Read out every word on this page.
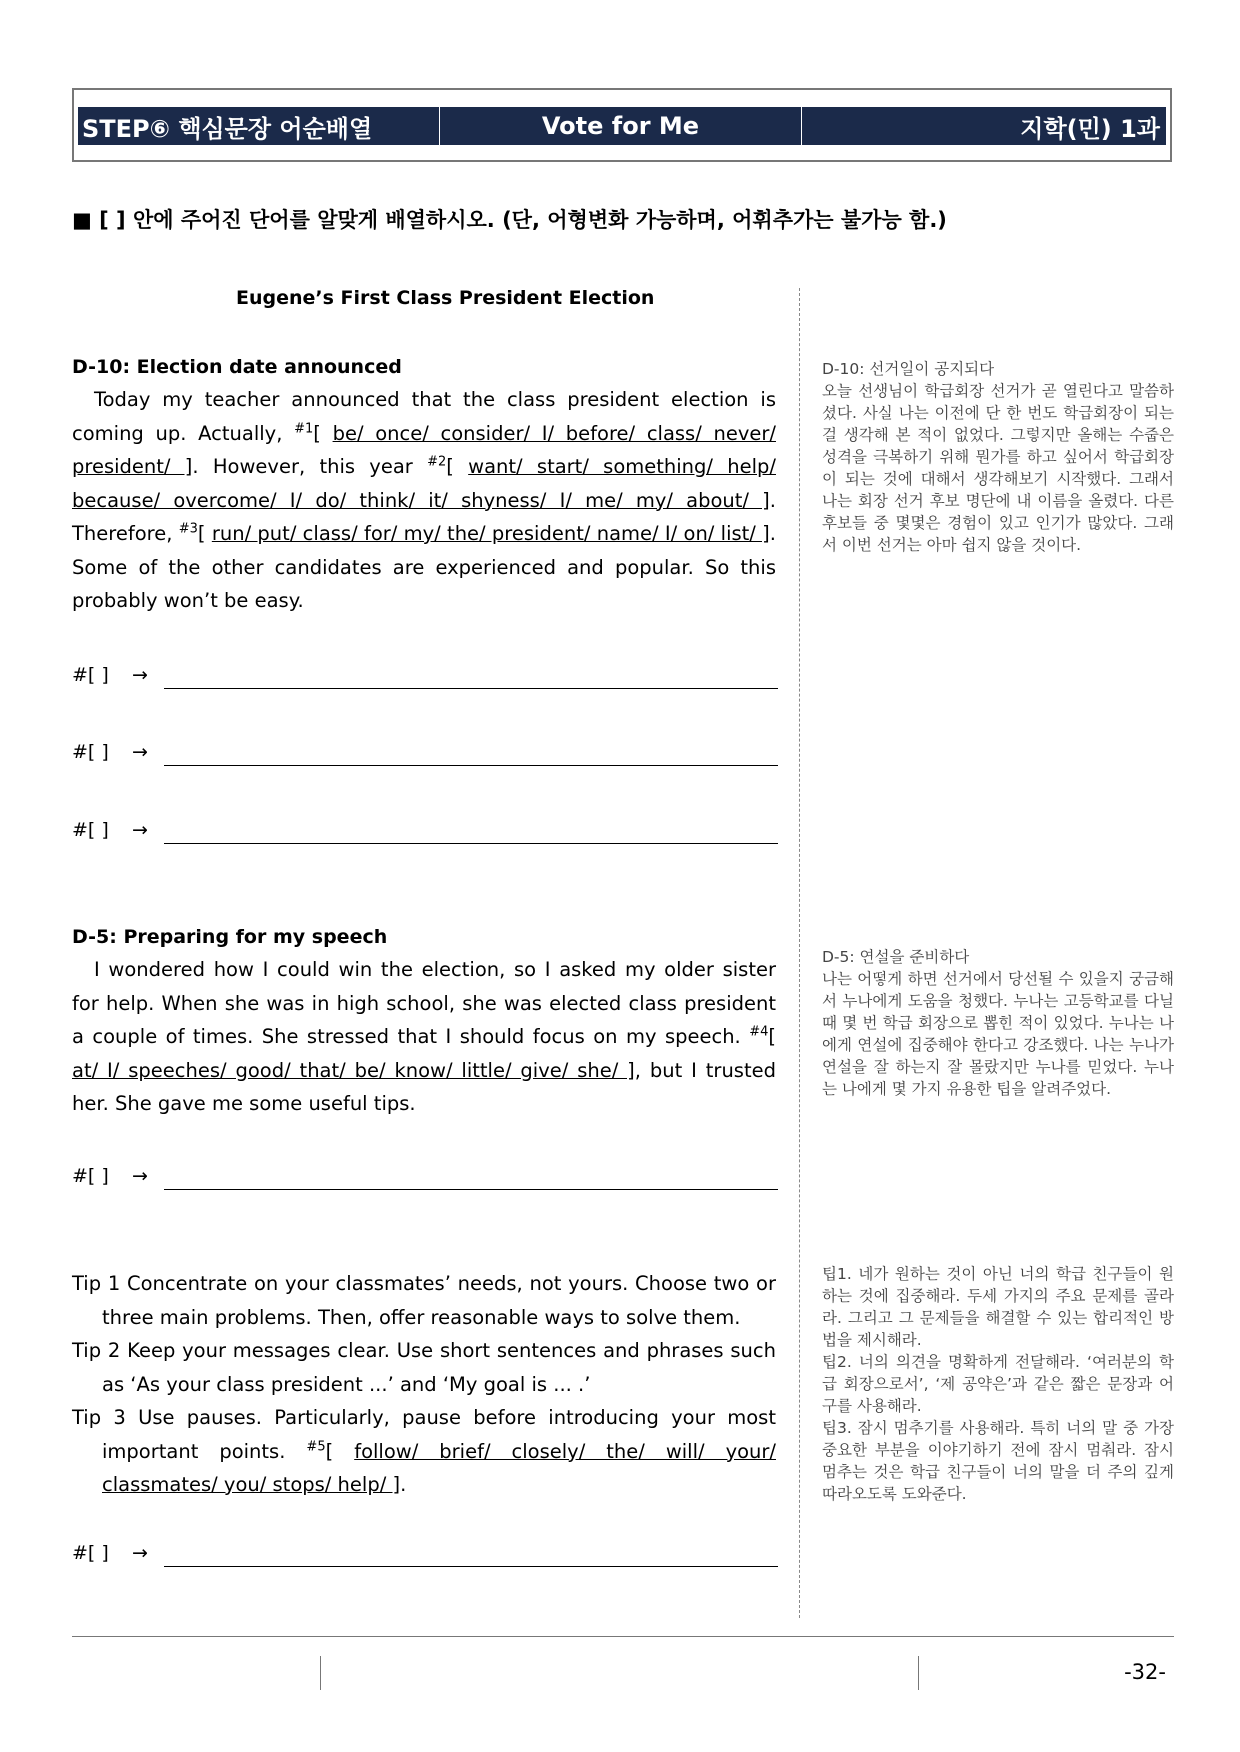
STEP⑥ 핵심문장 어순배열	Vote for Me	지학(민) 1과
■ [ ] 안에 주어진 단어를 알맞게 배열하시오. (단, 어형변화 가능하며, 어휘추가는 불가능 함.)
Eugene’s First Class President Election
D-10: Election date announced
Today my teacher announced that the class president election is coming up. Actually, $^{\#1}$[ be/ once/ consider/ I/ before/ class/ never/ president/ ]. However, this year $^{\#2}$[ want/ start/ something/ help/ because/ overcome/ I/ do/ think/ it/ shyness/ I/ me/ my/ about/ ]. Therefore, $^{\#3}$[ run/ put/ class/ for/ my/ the/ president/ name/ I/ on/ list/ ]. Some of the other candidates are experienced and popular. So this probably won’t be easy.
#[ ] →
#[ ] →
#[ ] →
D-10: 선거일이 공지되다
오늘 선생님이 학급회장 선거가 곧 열린다고 말씀하셨다. 사실 나는 이전에 단 한 번도 학급회장이 되는 걸 생각해 본 적이 없었다. 그렇지만 올해는 수줍은 성격을 극복하기 위해 뭔가를 하고 싶어서 학급회장이 되는 것에 대해서 생각해보기 시작했다. 그래서 나는 회장 선거 후보 명단에 내 이름을 올렸다. 다른 후보들 중 몇몇은 경험이 있고 인기가 많았다. 그래서 이번 선거는 아마 쉽지 않을 것이다.
D-5: Preparing for my speech
I wondered how I could win the election, so I asked my older sister for help. When she was in high school, she was elected class president a couple of times. She stressed that I should focus on my speech. $^{\#4}$[ at/ I/ speeches/ good/ that/ be/ know/ little/ give/ she/ ], but I trusted her. She gave me some useful tips.
#[ ] →
D-5: 연설을 준비하다
나는 어떻게 하면 선거에서 당선될 수 있을지 궁금해서 누나에게 도움을 청했다. 누나는 고등학교를 다닐 때 몇 번 학급 회장으로 뽑힌 적이 있었다. 누나는 나에게 연설에 집중해야 한다고 강조했다. 나는 누나가 연설을 잘 하는지 잘 몰랐지만 누나를 믿었다. 누나는 나에게 몇 가지 유용한 팁을 알려주었다.
Tip 1 Concentrate on your classmates’ needs, not yours. Choose two or three main problems. Then, offer reasonable ways to solve them.
Tip 2 Keep your messages clear. Use short sentences and phrases such as ‘As your class president ...’ and ‘My goal is ... .’
Tip 3 Use pauses. Particularly, pause before introducing your most important points. $^{\#5}$[ follow/ brief/ closely/ the/ will/ your/ classmates/ you/ stops/ help/ ].
#[ ] →
팁1. 네가 원하는 것이 아닌 너의 학급 친구들이 원하는 것에 집중해라. 두세 가지의 주요 문제를 골라라. 그리고 그 문제들을 해결할 수 있는 합리적인 방법을 제시해라.
팁2. 너의 의견을 명확하게 전달해라. ‘여러분의 학급 회장으로서’, ‘제 공약은’과 같은 짧은 문장과 어구를 사용해라.
팁3. 잠시 멈추기를 사용해라. 특히 너의 말 중 가장 중요한 부분을 이야기하기 전에 잠시 멈춰라. 잠시 멈추는 것은 학급 친구들이 너의 말을 더 주의 깊게 따라오도록 도와준다.
-32-
